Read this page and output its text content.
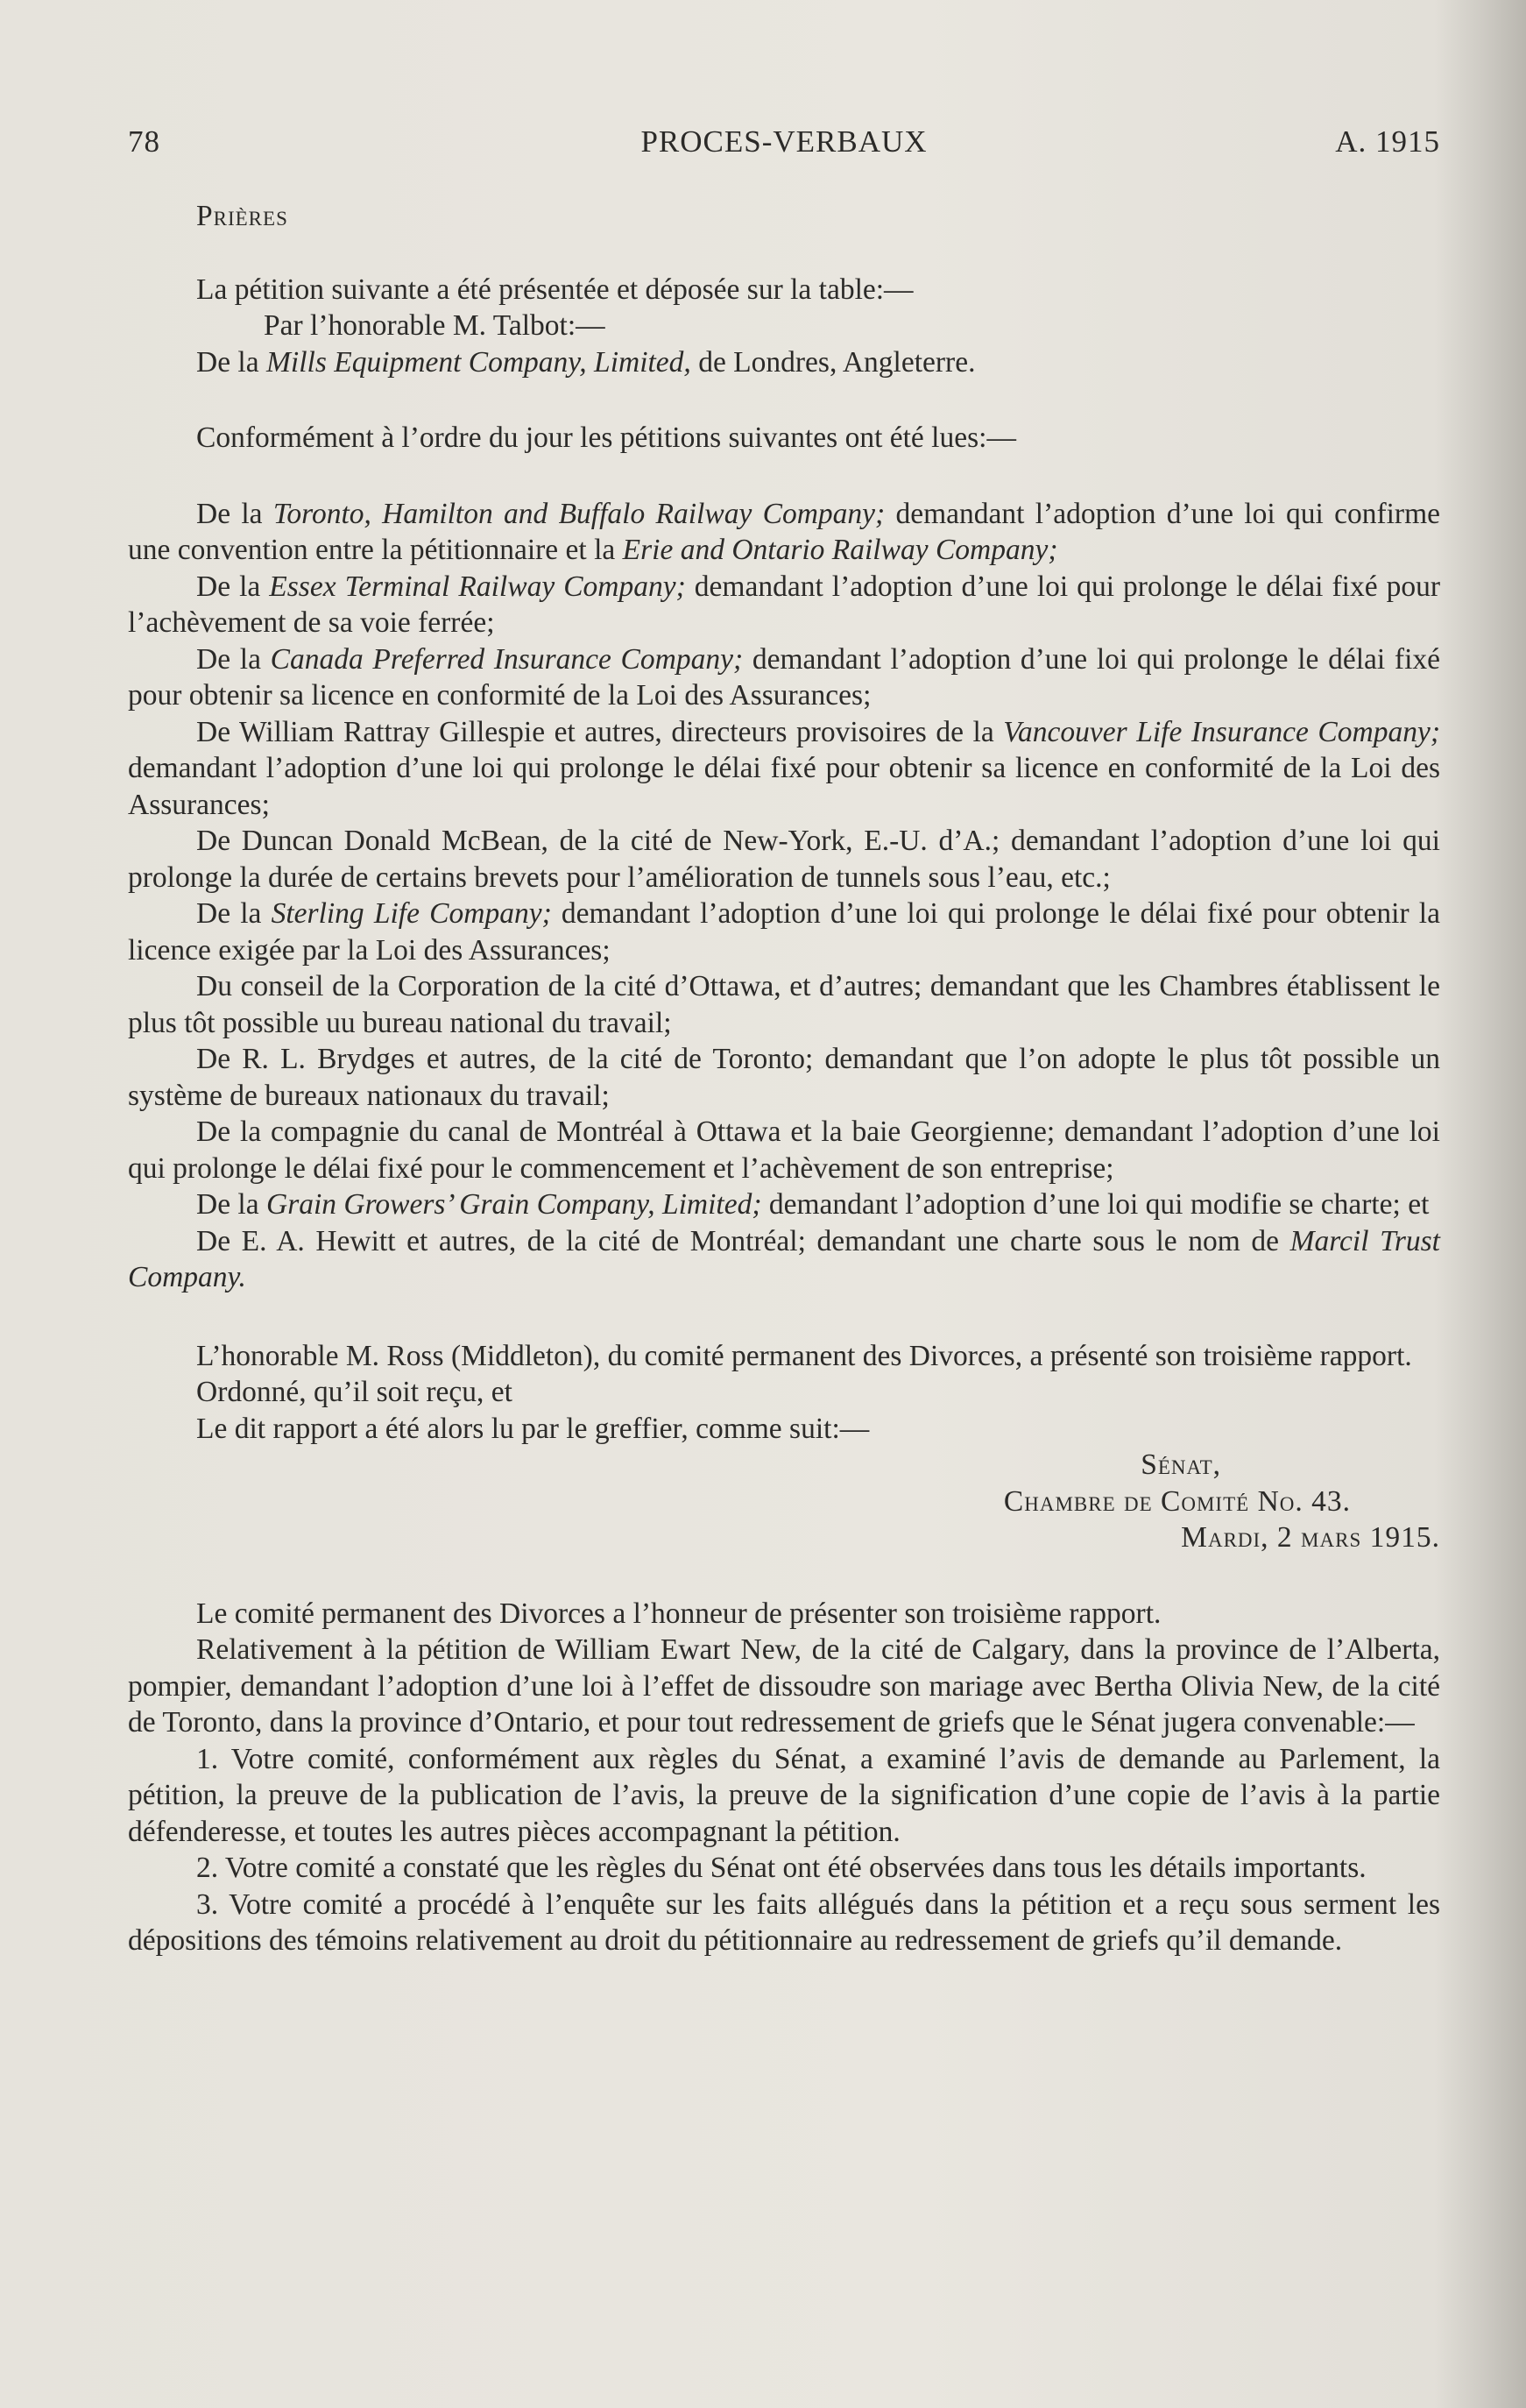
78	PROCES-VERBAUX	A. 1915

Prières

La pétition suivante a été présentée et déposée sur la table:—

Par l’honorable M. Talbot:—

De la Mills Equipment Company, Limited, de Londres, Angleterre.

Conformément à l’ordre du jour les pétitions suivantes ont été lues:—

De la Toronto, Hamilton and Buffalo Railway Company; demandant l’adoption d’une loi qui confirme une convention entre la pétitionnaire et la Erie and Ontario Railway Company;

De la Essex Terminal Railway Company; demandant l’adoption d’une loi qui prolonge le délai fixé pour l’achèvement de sa voie ferrée;

De la Canada Preferred Insurance Company; demandant l’adoption d’une loi qui prolonge le délai fixé pour obtenir sa licence en conformité de la Loi des Assurances;

De William Rattray Gillespie et autres, directeurs provisoires de la Vancouver Life Insurance Company; demandant l’adoption d’une loi qui prolonge le délai fixé pour obtenir sa licence en conformité de la Loi des Assurances;

De Duncan Donald McBean, de la cité de New-York, E.-U. d’A.; demandant l’adoption d’une loi qui prolonge la durée de certains brevets pour l’amélioration de tunnels sous l’eau, etc.;

De la Sterling Life Company; demandant l’adoption d’une loi qui prolonge le délai fixé pour obtenir la licence exigée par la Loi des Assurances;

Du conseil de la Corporation de la cité d’Ottawa, et d’autres; demandant que les Chambres établissent le plus tôt possible uu bureau national du travail;

De R. L. Brydges et autres, de la cité de Toronto; demandant que l’on adopte le plus tôt possible un système de bureaux nationaux du travail;

De la compagnie du canal de Montréal à Ottawa et la baie Georgienne; demandant l’adoption d’une loi qui prolonge le délai fixé pour le commencement et l’achèvement de son entreprise;

De la Grain Growers’ Grain Company, Limited; demandant l’adoption d’une loi qui modifie se charte; et

De E. A. Hewitt et autres, de la cité de Montréal; demandant une charte sous le nom de Marcil Trust Company.

L’honorable M. Ross (Middleton), du comité permanent des Divorces, a présenté son troisième rapport.

Ordonné, qu’il soit reçu, et

Le dit rapport a été alors lu par le greffier, comme suit:—

Sénat,

Chambre de Comité No. 43.

Mardi, 2 mars 1915.

Le comité permanent des Divorces a l’honneur de présenter son troisième rapport.

Relativement à la pétition de William Ewart New, de la cité de Calgary, dans la province de l’Alberta, pompier, demandant l’adoption d’une loi à l’effet de dissoudre son mariage avec Bertha Olivia New, de la cité de Toronto, dans la province d’Ontario, et pour tout redressement de griefs que le Sénat jugera convenable:—

1. Votre comité, conformément aux règles du Sénat, a examiné l’avis de demande au Parlement, la pétition, la preuve de la publication de l’avis, la preuve de la signification d’une copie de l’avis à la partie défenderesse, et toutes les autres pièces accompagnant la pétition.

2. Votre comité a constaté que les règles du Sénat ont été observées dans tous les détails importants.

3. Votre comité a procédé à l’enquête sur les faits allégués dans la pétition et a reçu sous serment les dépositions des témoins relativement au droit du pétitionnaire au redressement de griefs qu’il demande.
